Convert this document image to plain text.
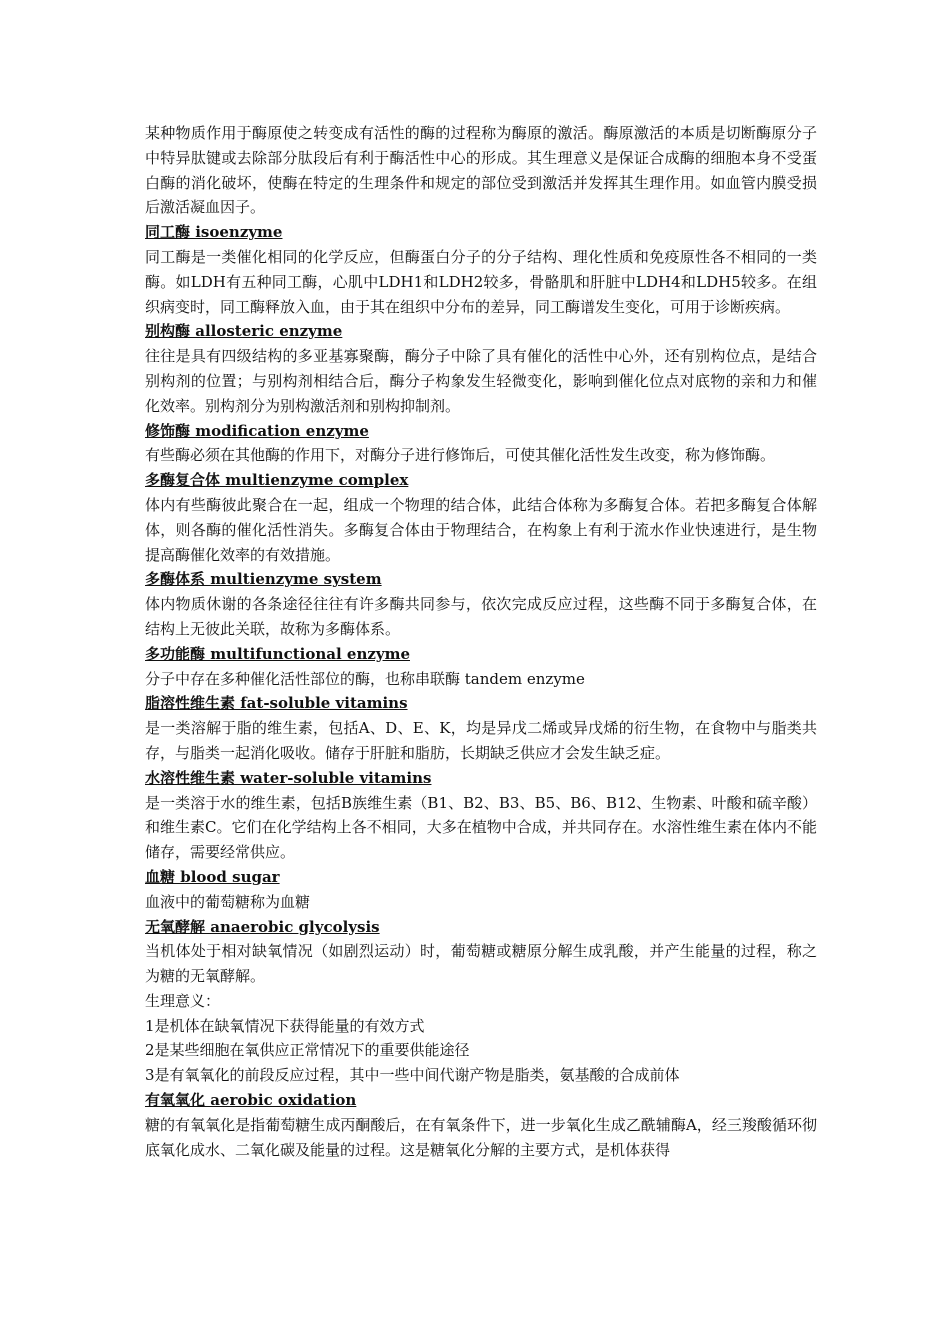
某种物质作用于酶原使之转变成有活性的酶的过程称为酶原的激活。酶原激活的本质是切断酶原分子中特异肽键或去除部分肽段后有利于酶活性中心的形成。其生理意义是保证合成酶的细胞本身不受蛋白酶的消化破坏，使酶在特定的生理条件和规定的部位受到激活并发挥其生理作用。如血管内膜受损后激活凝血因子。

同工酶 isoenzyme

同工酶是一类催化相同的化学反应，但酶蛋白分子的分子结构、理化性质和免疫原性各不相同的一类酶。如LDH有五种同工酶，心肌中LDH1和LDH2较多，骨骼肌和肝脏中LDH4和LDH5较多。在组织病变时，同工酶释放入血，由于其在组织中分布的差异，同工酶谱发生变化，可用于诊断疾病。

别构酶 allosteric enzyme

往往是具有四级结构的多亚基寡聚酶，酶分子中除了具有催化的活性中心外，还有别构位点，是结合别构剂的位置；与别构剂相结合后，酶分子构象发生轻微变化，影响到催化位点对底物的亲和力和催化效率。别构剂分为别构激活剂和别构抑制剂。

修饰酶 modification enzyme

有些酶必须在其他酶的作用下，对酶分子进行修饰后，可使其催化活性发生改变，称为修饰酶。

多酶复合体 multienzyme complex

体内有些酶彼此聚合在一起，组成一个物理的结合体，此结合体称为多酶复合体。若把多酶复合体解体，则各酶的催化活性消失。多酶复合体由于物理结合，在构象上有利于流水作业快速进行，是生物提高酶催化效率的有效措施。

多酶体系 multienzyme system

体内物质休谢的各条途径往往有许多酶共同参与，依次完成反应过程，这些酶不同于多酶复合体，在结构上无彼此关联，故称为多酶体系。

多功能酶 multifunctional enzyme

分子中存在多种催化活性部位的酶，也称串联酶 tandem enzyme

脂溶性维生素 fat-soluble vitamins

是一类溶解于脂的维生素，包括A、D、E、K，均是异戊二烯或异戊烯的衍生物，在食物中与脂类共存，与脂类一起消化吸收。储存于肝脏和脂肪，长期缺乏供应才会发生缺乏症。

水溶性维生素 water-soluble vitamins

是一类溶于水的维生素，包括B族维生素（B1、B2、B3、B5、B6、B12、生物素、叶酸和硫辛酸）和维生素C。它们在化学结构上各不相同，大多在植物中合成，并共同存在。水溶性维生素在体内不能储存，需要经常供应。

血糖 blood sugar

血液中的葡萄糖称为血糖

无氧酵解 anaerobic glycolysis

当机体处于相对缺氧情况（如剧烈运动）时，葡萄糖或糖原分解生成乳酸，并产生能量的过程，称之为糖的无氧酵解。

生理意义：

1是机体在缺氧情况下获得能量的有效方式

2是某些细胞在氧供应正常情况下的重要供能途径

3是有氧氧化的前段反应过程，其中一些中间代谢产物是脂类，氨基酸的合成前体

有氧氧化 aerobic oxidation

糖的有氧氧化是指葡萄糖生成丙酮酸后，在有氧条件下，进一步氧化生成乙酰辅酶A，经三羧酸循环彻底氧化成水、二氧化碳及能量的过程。这是糖氧化分解的主要方式，是机体获得
